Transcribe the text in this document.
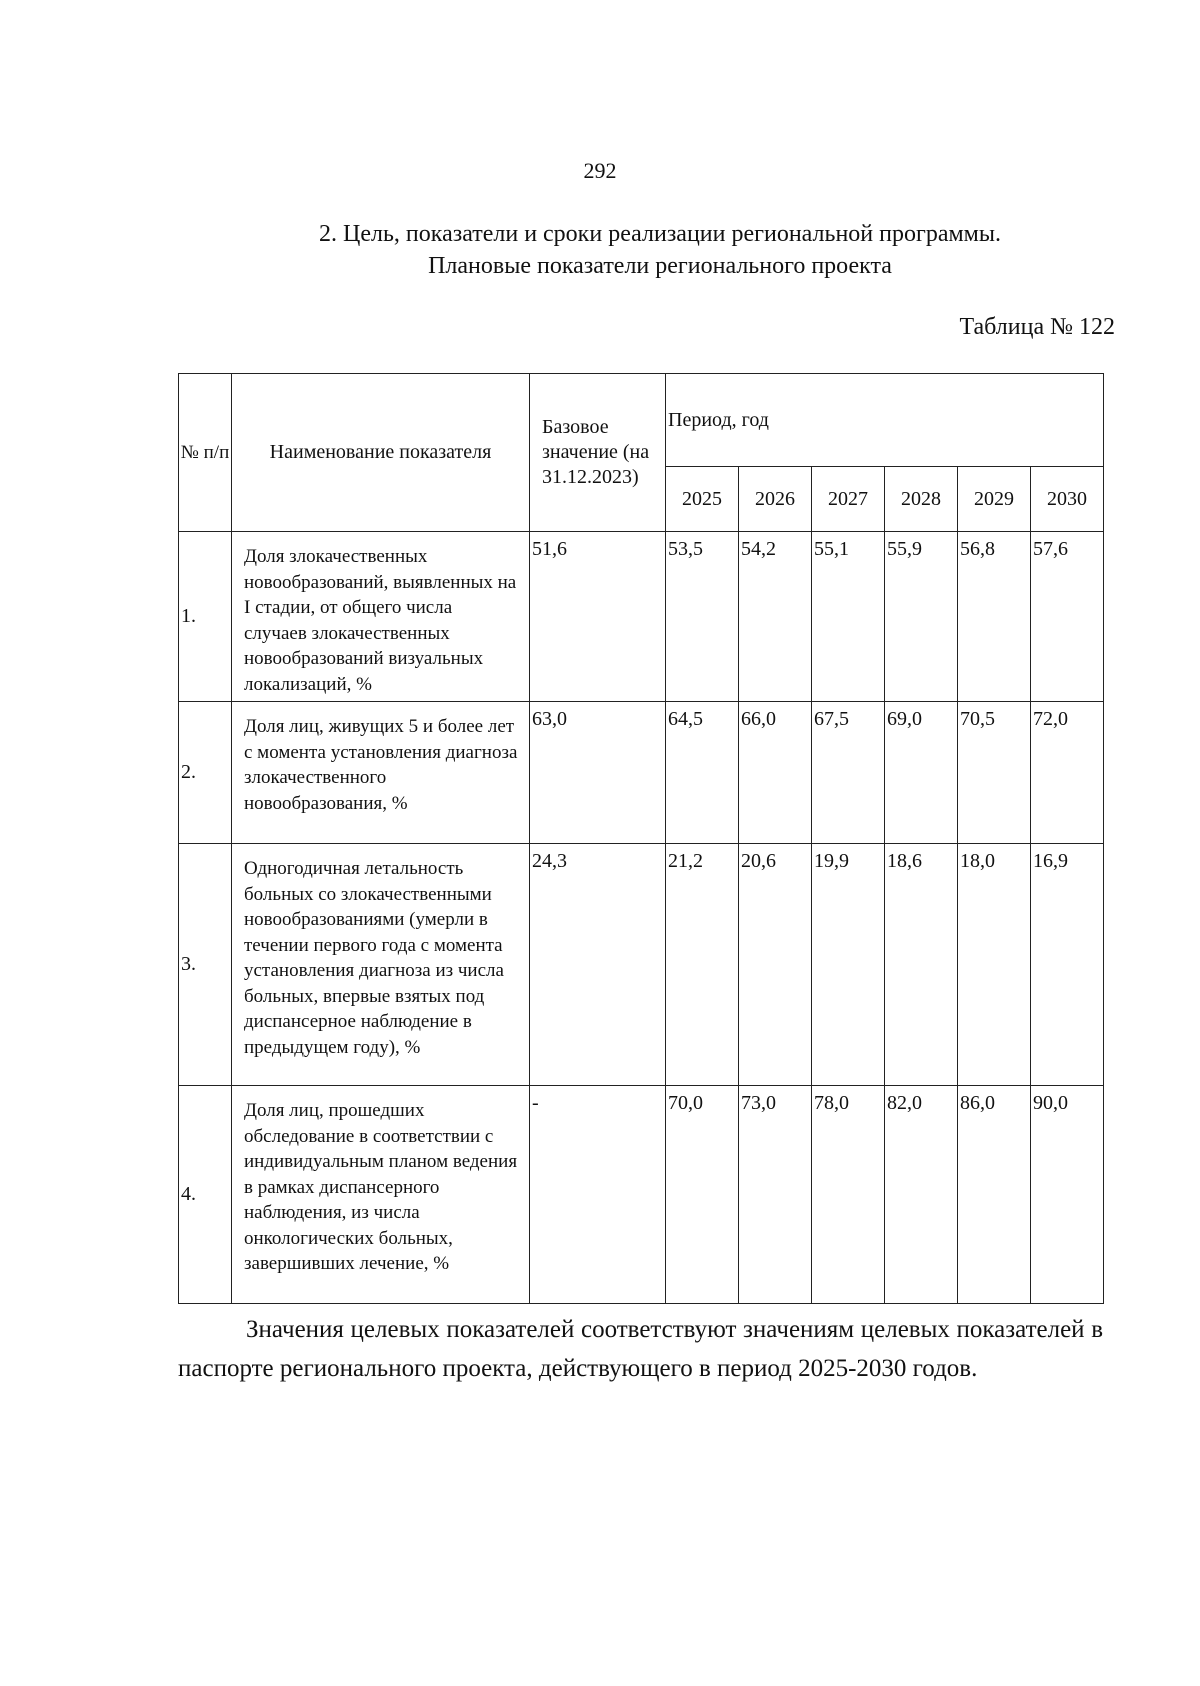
292
2. Цель, показатели и сроки реализации региональной программы.
Плановые показатели регионального проекта
Таблица № 122
№ п/п	Наименование показателя	Базовое значение (на 31.12.2023)	Период, год					
			2025	2026	2027	2028	2029	2030
1.	Доля злокачественных новообразований, выявленных на I стадии, от общего числа случаев злокачественных новообразований визуальных локализаций, %	51,6	53,5	54,2	55,1	55,9	56,8	57,6
2.	Доля лиц, живущих 5 и более лет с момента установления диагноза злокачественного новообразования, %	63,0	64,5	66,0	67,5	69,0	70,5	72,0
3.	Одногодичная летальность больных со злокачественными новообразованиями (умерли в течении первого года с момента установления диагноза из числа больных, впервые взятых под диспансерное наблюдение в предыдущем году), %	24,3	21,2	20,6	19,9	18,6	18,0	16,9
4.	Доля лиц, прошедших обследование в соответствии с индивидуальным планом ведения в рамках диспансерного наблюдения, из числа онкологических больных, завершивших лечение, %	-	70,0	73,0	78,0	82,0	86,0	90,0
Значения целевых показателей соответствуют значениям целевых показателей в паспорте регионального проекта, действующего в период 2025-2030 годов.
